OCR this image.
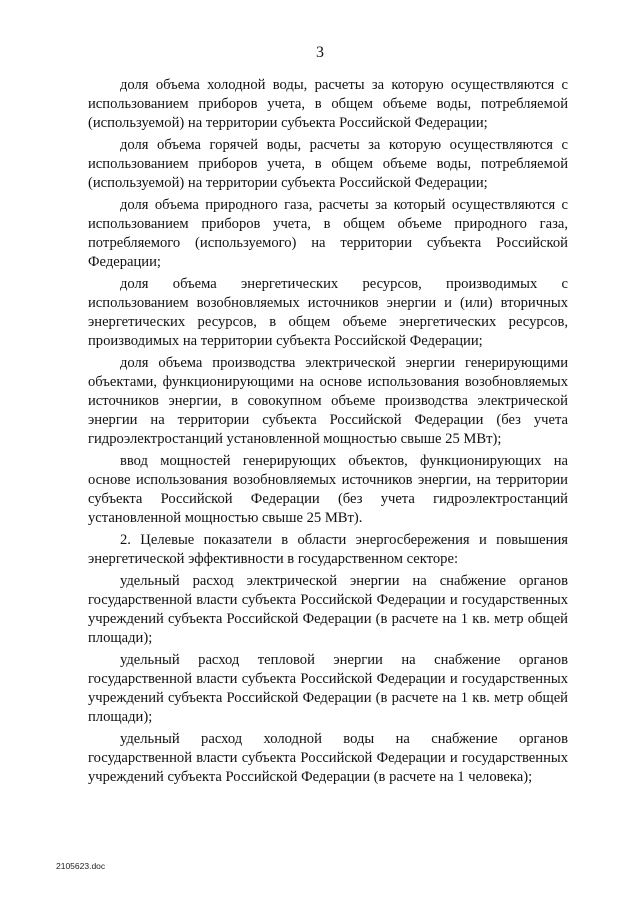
3

доля объема холодной воды, расчеты за которую осуществляются с использованием приборов учета, в общем объеме воды, потребляемой (используемой) на территории субъекта Российской Федерации;

доля объема горячей воды, расчеты за которую осуществляются с использованием приборов учета, в общем объеме воды, потребляемой (используемой) на территории субъекта Российской Федерации;

доля объема природного газа, расчеты за который осуществляются с использованием приборов учета, в общем объеме природного газа, потребляемого (используемого) на территории субъекта Российской Федерации;

доля объема энергетических ресурсов, производимых с использованием возобновляемых источников энергии и (или) вторичных энергетических ресурсов, в общем объеме энергетических ресурсов, производимых на территории субъекта Российской Федерации;

доля объема производства электрической энергии генерирующими объектами, функционирующими на основе использования возобновляемых источников энергии, в совокупном объеме производства электрической энергии на территории субъекта Российской Федерации (без учета гидроэлектростанций установленной мощностью свыше 25 МВт);

ввод мощностей генерирующих объектов, функционирующих на основе использования возобновляемых источников энергии, на территории субъекта Российской Федерации (без учета гидроэлектростанций установленной мощностью свыше 25 МВт).

2. Целевые показатели в области энергосбережения и повышения энергетической эффективности в государственном секторе:

удельный расход электрической энергии на снабжение органов государственной власти субъекта Российской Федерации и государственных учреждений субъекта Российской Федерации (в расчете на 1 кв. метр общей площади);

удельный расход тепловой энергии на снабжение органов государственной власти субъекта Российской Федерации и государственных учреждений субъекта Российской Федерации (в расчете на 1 кв. метр общей площади);

удельный расход холодной воды на снабжение органов государственной власти субъекта Российской Федерации и государственных учреждений субъекта Российской Федерации (в расчете на 1 человека);

2105623.doc
